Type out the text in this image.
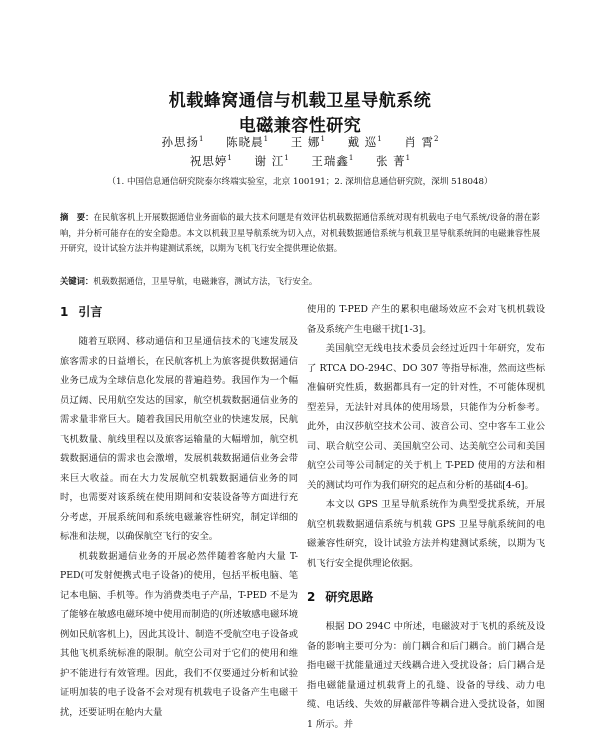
机载蜂窝通信与机载卫星导航系统
电磁兼容性研究
孙思扬$^1$ 陈晓晨$^1$ 王 娜$^1$ 戴 巡$^1$ 肖 霄$^2$
祝思婷$^1$ 谢 江$^1$ 王瑞鑫$^1$ 张 菁$^1$
（1. 中国信息通信研究院泰尔终端实验室，北京 100191；2. 深圳信息通信研究院，深圳 518048）
摘　要：在民航客机上开展数据通信业务面临的最大技术问题是有效评估机载数据通信系统对现有机载电子电气系统/设备的潜在影响，并分析可能存在的安全隐患。本文以机载卫星导航系统为切入点，对机载数据通信系统与机载卫星导航系统间的电磁兼容性展开研究，设计试验方法并构建测试系统，以期为飞机飞行安全提供理论依据。
关键词：机载数据通信，卫星导航，电磁兼容，测试方法，飞行安全。
1 引言

随着互联网、移动通信和卫星通信技术的飞速发展及旅客需求的日益增长，在民航客机上为旅客提供数据通信业务已成为全球信息化发展的普遍趋势。我国作为一个幅员辽阔、民用航空发达的国家，航空机载数据通信业务的需求量非常巨大。随着我国民用航空业的快速发展，民航飞机数量、航线里程以及旅客运输量的大幅增加，航空机载数据通信的需求也会激增，发展机载数据通信业务会带来巨大收益。而在大力发展航空机载数据通信业务的同时，也需要对该系统在使用期间和安装设备等方面进行充分考虑，开展系统间和系统电磁兼容性研究，制定详细的标准和法规，以确保航空飞行的安全。

机载数据通信业务的开展必然伴随着客舱内大量 T-PED(可发射便携式电子设备)的使用，包括平板电脑、笔记本电脑、手机等。作为消费类电子产品，T-PED 不是为了能够在敏感电磁环境中使用而制造的(所述敏感电磁环境例如民航客机上)，因此其设计、制造不受航空电子设备或其他飞机系统标准的限制。航空公司对于它们的使用和维护不能进行有效管理。因此，我们不仅要通过分析和试验证明加装的电子设备不会对现有机载电子设备产生电磁干扰，还要证明在舱内大量

使用的 T-PED 产生的累积电磁场效应不会对飞机机载设备及系统产生电磁干扰[1-3]。

美国航空无线电技术委员会经过近四十年研究，发布了 RTCA DO-294C、DO 307 等指导标准，然而这些标准偏研究性质，数据都具有一定的针对性，不可能体现机型差异，无法针对具体的使用场景，只能作为分析参考。此外，由汉莎航空技术公司、波音公司、空中客车工业公司、联合航空公司、美国航空公司、达美航空公司和美国航空公司等公司制定的关于机上 T-PED 使用的方法和相关的测试均可作为我们研究的起点和分析的基础[4-6]。

本文以 GPS 卫星导航系统作为典型受扰系统，开展航空机载数据通信系统与机载 GPS 卫星导航系统间的电磁兼容性研究，设计试验方法并构建测试系统，以期为飞机飞行安全提供理论依据。

2 研究思路

根据 DO 294C 中所述，电磁波对于飞机的系统及设备的影响主要可分为：前门耦合和后门耦合。前门耦合是指电磁干扰能量通过天线耦合进入受扰设备；后门耦合是指电磁能量通过机载背上的孔缝、设备的导线、动力电缆、电话线、失效的屏蔽部件等耦合进入受扰设备，如图 1 所示。并
